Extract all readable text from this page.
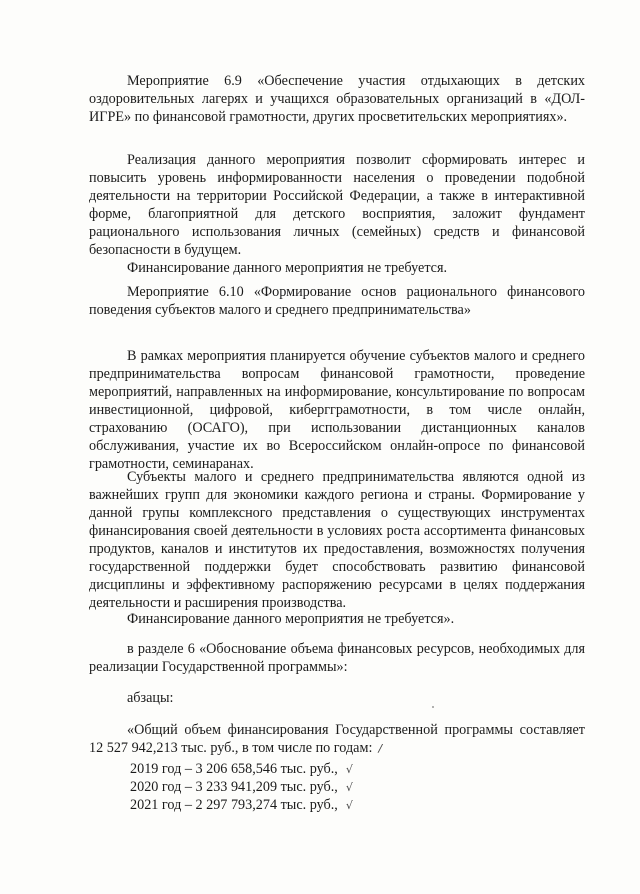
Мероприятие 6.9 «Обеспечение участия отдыхающих в детских оздоровительных лагерях и учащихся образовательных организаций в «ДОЛ-ИГРЕ» по финансовой грамотности, других просветительских мероприятиях».

Реализация данного мероприятия позволит сформировать интерес и повысить уровень информированности населения о проведении подобной деятельности на территории Российской Федерации, а также в интерактивной форме, благоприятной для детского восприятия, заложит фундамент рационального использования личных (семейных) средств и финансовой безопасности в будущем.

Финансирование данного мероприятия не требуется.

Мероприятие 6.10 «Формирование основ рационального финансового поведения субъектов малого и среднего предпринимательства»

В рамках мероприятия планируется обучение субъектов малого и среднего предпринимательства вопросам финансовой грамотности, проведение мероприятий, направленных на информирование, консультирование по вопросам инвестиционной, цифровой, кибергграмотности, в том числе онлайн, страхованию (ОСАГО), при использовании дистанционных каналов обслуживания, участие их во Всероссийском онлайн-опросе по финансовой грамотности, семинаранах.

Субъекты малого и среднего предпринимательства являются одной из важнейших групп для экономики каждого региона и страны. Формирование у данной групы комплексного представления о существующих инструментах финансирования своей деятельности в условиях роста ассортимента финансовых продуктов, каналов и институтов их предоставления, возможностях получения государственной поддержки будет способствовать развитию финансовой дисциплины и эффективному распоряжению ресурсами в целях поддержания деятельности и расширения производства.

Финансирование данного мероприятия не требуется».

в разделе 6 «Обоснование объема финансовых ресурсов, необходимых для реализации Государственной программы»:

абзацы:

«Общий объем финансирования Государственной программы составляет 12 527 942,213 тыс. руб., в том числе по годам: /

2019 год – 3 206 658,546 тыс. руб., √
2020 год – 3 233 941,209 тыс. руб., √
2021 год – 2 297 793,274 тыс. руб., √
